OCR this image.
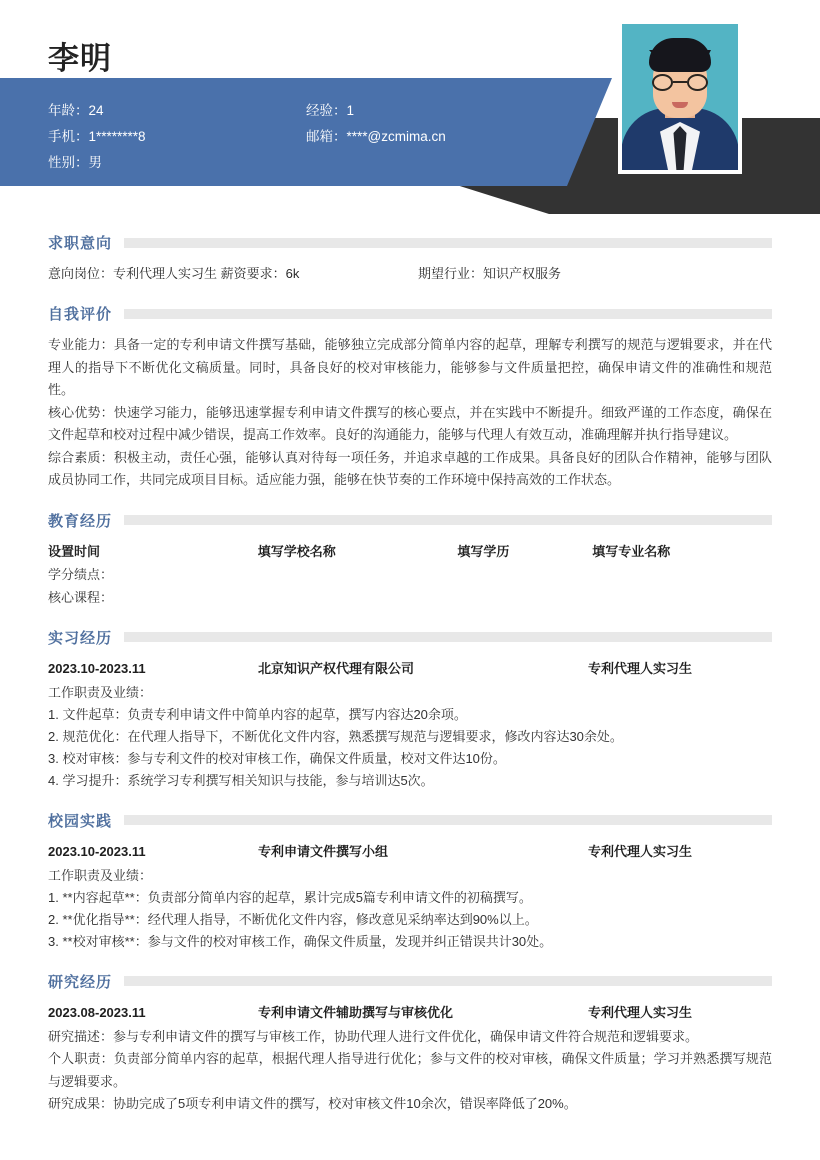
李明
年龄：24	经验：1
手机：1********8	邮箱：****@zcmima.cn
性别：男
求职意向
意向岗位：专利代理人实习生 薪资要求：6k	期望行业：知识产权服务
自我评价
专业能力：具备一定的专利申请文件撰写基础，能够独立完成部分简单内容的起草，理解专利撰写的规范与逻辑要求，并在代理人的指导下不断优化文稿质量。同时，具备良好的校对审核能力，能够参与文件质量把控，确保申请文件的准确性和规范性。
核心优势：快速学习能力，能够迅速掌握专利申请文件撰写的核心要点，并在实践中不断提升。细致严谨的工作态度，确保在文件起草和校对过程中减少错误，提高工作效率。良好的沟通能力，能够与代理人有效互动，准确理解并执行指导建议。
综合素质：积极主动，责任心强，能够认真对待每一项任务，并追求卓越的工作成果。具备良好的团队合作精神，能够与团队成员协同工作，共同完成项目目标。适应能力强，能够在快节奏的工作环境中保持高效的工作状态。
教育经历
设置时间	填写学校名称	填写学历	填写专业名称
学分绩点：
核心课程：
实习经历
2023.10-2023.11	北京知识产权代理有限公司	专利代理人实习生
工作职责及业绩：
1. 文件起草：负责专利申请文件中简单内容的起草，撰写内容达20余项。
2. 规范优化：在代理人指导下，不断优化文件内容，熟悉撰写规范与逻辑要求，修改内容达30余处。
3. 校对审核：参与专利文件的校对审核工作，确保文件质量，校对文件达10份。
4. 学习提升：系统学习专利撰写相关知识与技能，参与培训达5次。
校园实践
2023.10-2023.11	专利申请文件撰写小组	专利代理人实习生
工作职责及业绩：
1. **内容起草**：负责部分简单内容的起草，累计完成5篇专利申请文件的初稿撰写。
2. **优化指导**：经代理人指导，不断优化文件内容，修改意见采纳率达到90%以上。
3. **校对审核**：参与文件的校对审核工作，确保文件质量，发现并纠正错误共计30处。
研究经历
2023.08-2023.11	专利申请文件辅助撰写与审核优化	专利代理人实习生
研究描述：参与专利申请文件的撰写与审核工作，协助代理人进行文件优化，确保申请文件符合规范和逻辑要求。
个人职责：负责部分简单内容的起草，根据代理人指导进行优化；参与文件的校对审核，确保文件质量；学习并熟悉撰写规范与逻辑要求。
研究成果：协助完成了5项专利申请文件的撰写，校对审核文件10余次，错误率降低了20%。
